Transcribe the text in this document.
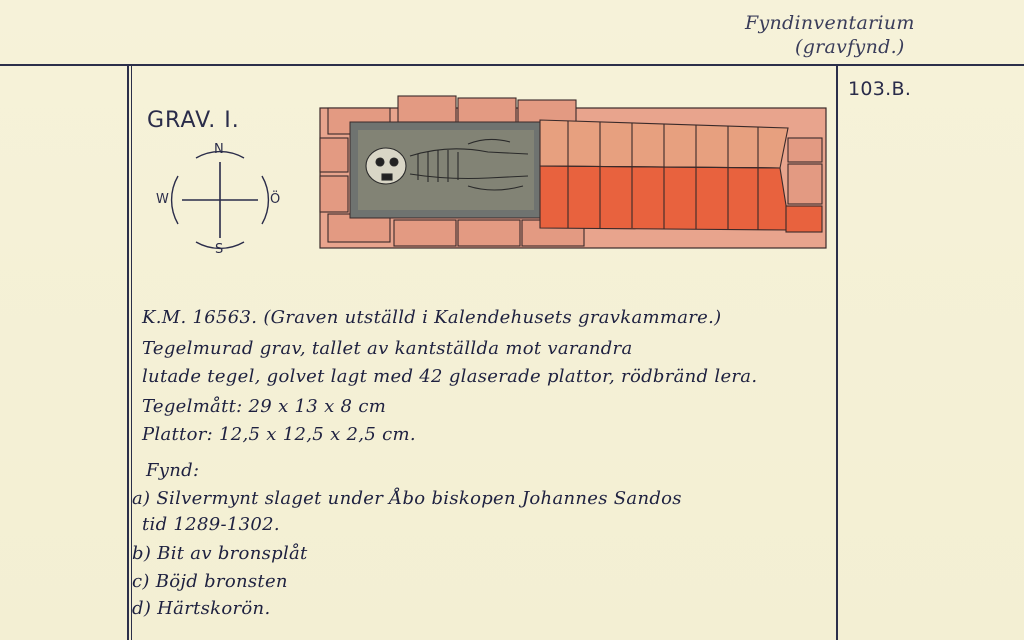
Fyndinventarium
(gravfynd.)
103.B.
GRAV. I.
N
S
W	Ö
K.M. 16563. (Graven utställd i Kalendehusets gravkammare.)
Tegelmurad grav, tallet av kantställda mot varandra
lutade tegel, golvet lagt med 42 glaserade plattor, rödbränd lera.
Tegelmått: 29 x 13 x 8 cm
Plattor: 12,5 x 12,5 x 2,5 cm.
Fynd:
a) Silvermynt slaget under Åbo biskopen Johannes Sandos
tid 1289-1302.
b) Bit av bronsplåt
c) Böjd bronsten
d) Härtskorön.
